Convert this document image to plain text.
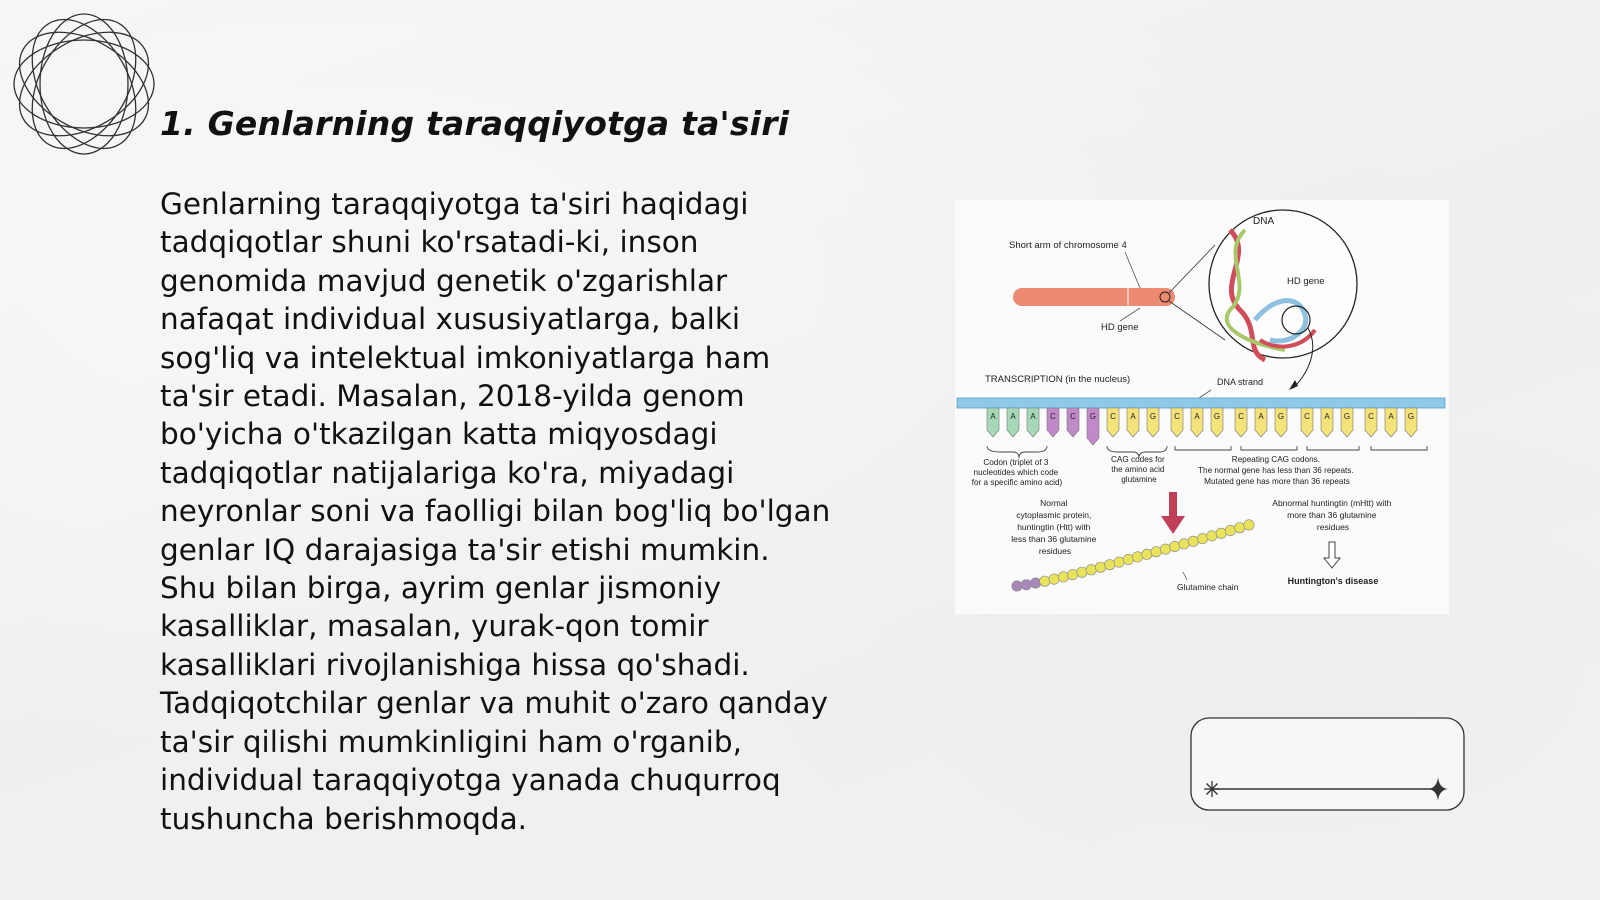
1. Genlarning taraqqiyotga ta'siri
Genlarning taraqqiyotga ta'siri haqidagi
tadqiqotlar shuni ko'rsatadi-ki, inson
genomida mavjud genetik o'zgarishlar
nafaqat individual xususiyatlarga, balki
sog'liq va intelektual imkoniyatlarga ham
ta'sir etadi. Masalan, 2018-yilda genom
bo'yicha o'tkazilgan katta miqyosdagi
tadqiqotlar natijalariga ko'ra, miyadagi
neyronlar soni va faolligi bilan bog'liq bo'lgan
genlar IQ darajasiga ta'sir etishi mumkin.
Shu bilan birga, ayrim genlar jismoniy
kasalliklar, masalan, yurak-qon tomir
kasalliklari rivojlanishiga hissa qo'shadi.
Tadqiqotchilar genlar va muhit o'zaro qanday
ta'sir qilishi mumkinligini ham o'rganib,
individual taraqqiyotga yanada chuqurroq
tushuncha berishmoqda.
Short arm of chromosome 4
HD gene
DNA
HD gene
TRANSCRIPTION (in the nucleus)	DNA strand
A A A C C G C A G C A G C A G C A G C A G
Codon (triplet of 3 nucleotides which code for a specific amino acid)
CAG codes for the amino acid glutamine
Repeating CAG codons. The normal gene has less than 36 repeats. Mutated gene has more than 36 repeats
Normal cytoplasmic protein, huntingtin (Htt) with less than 36 glutamine residues
Abnormal huntingtin (mHtt) with more than 36 glutamine residues
Huntington's disease
Glutamine chain
